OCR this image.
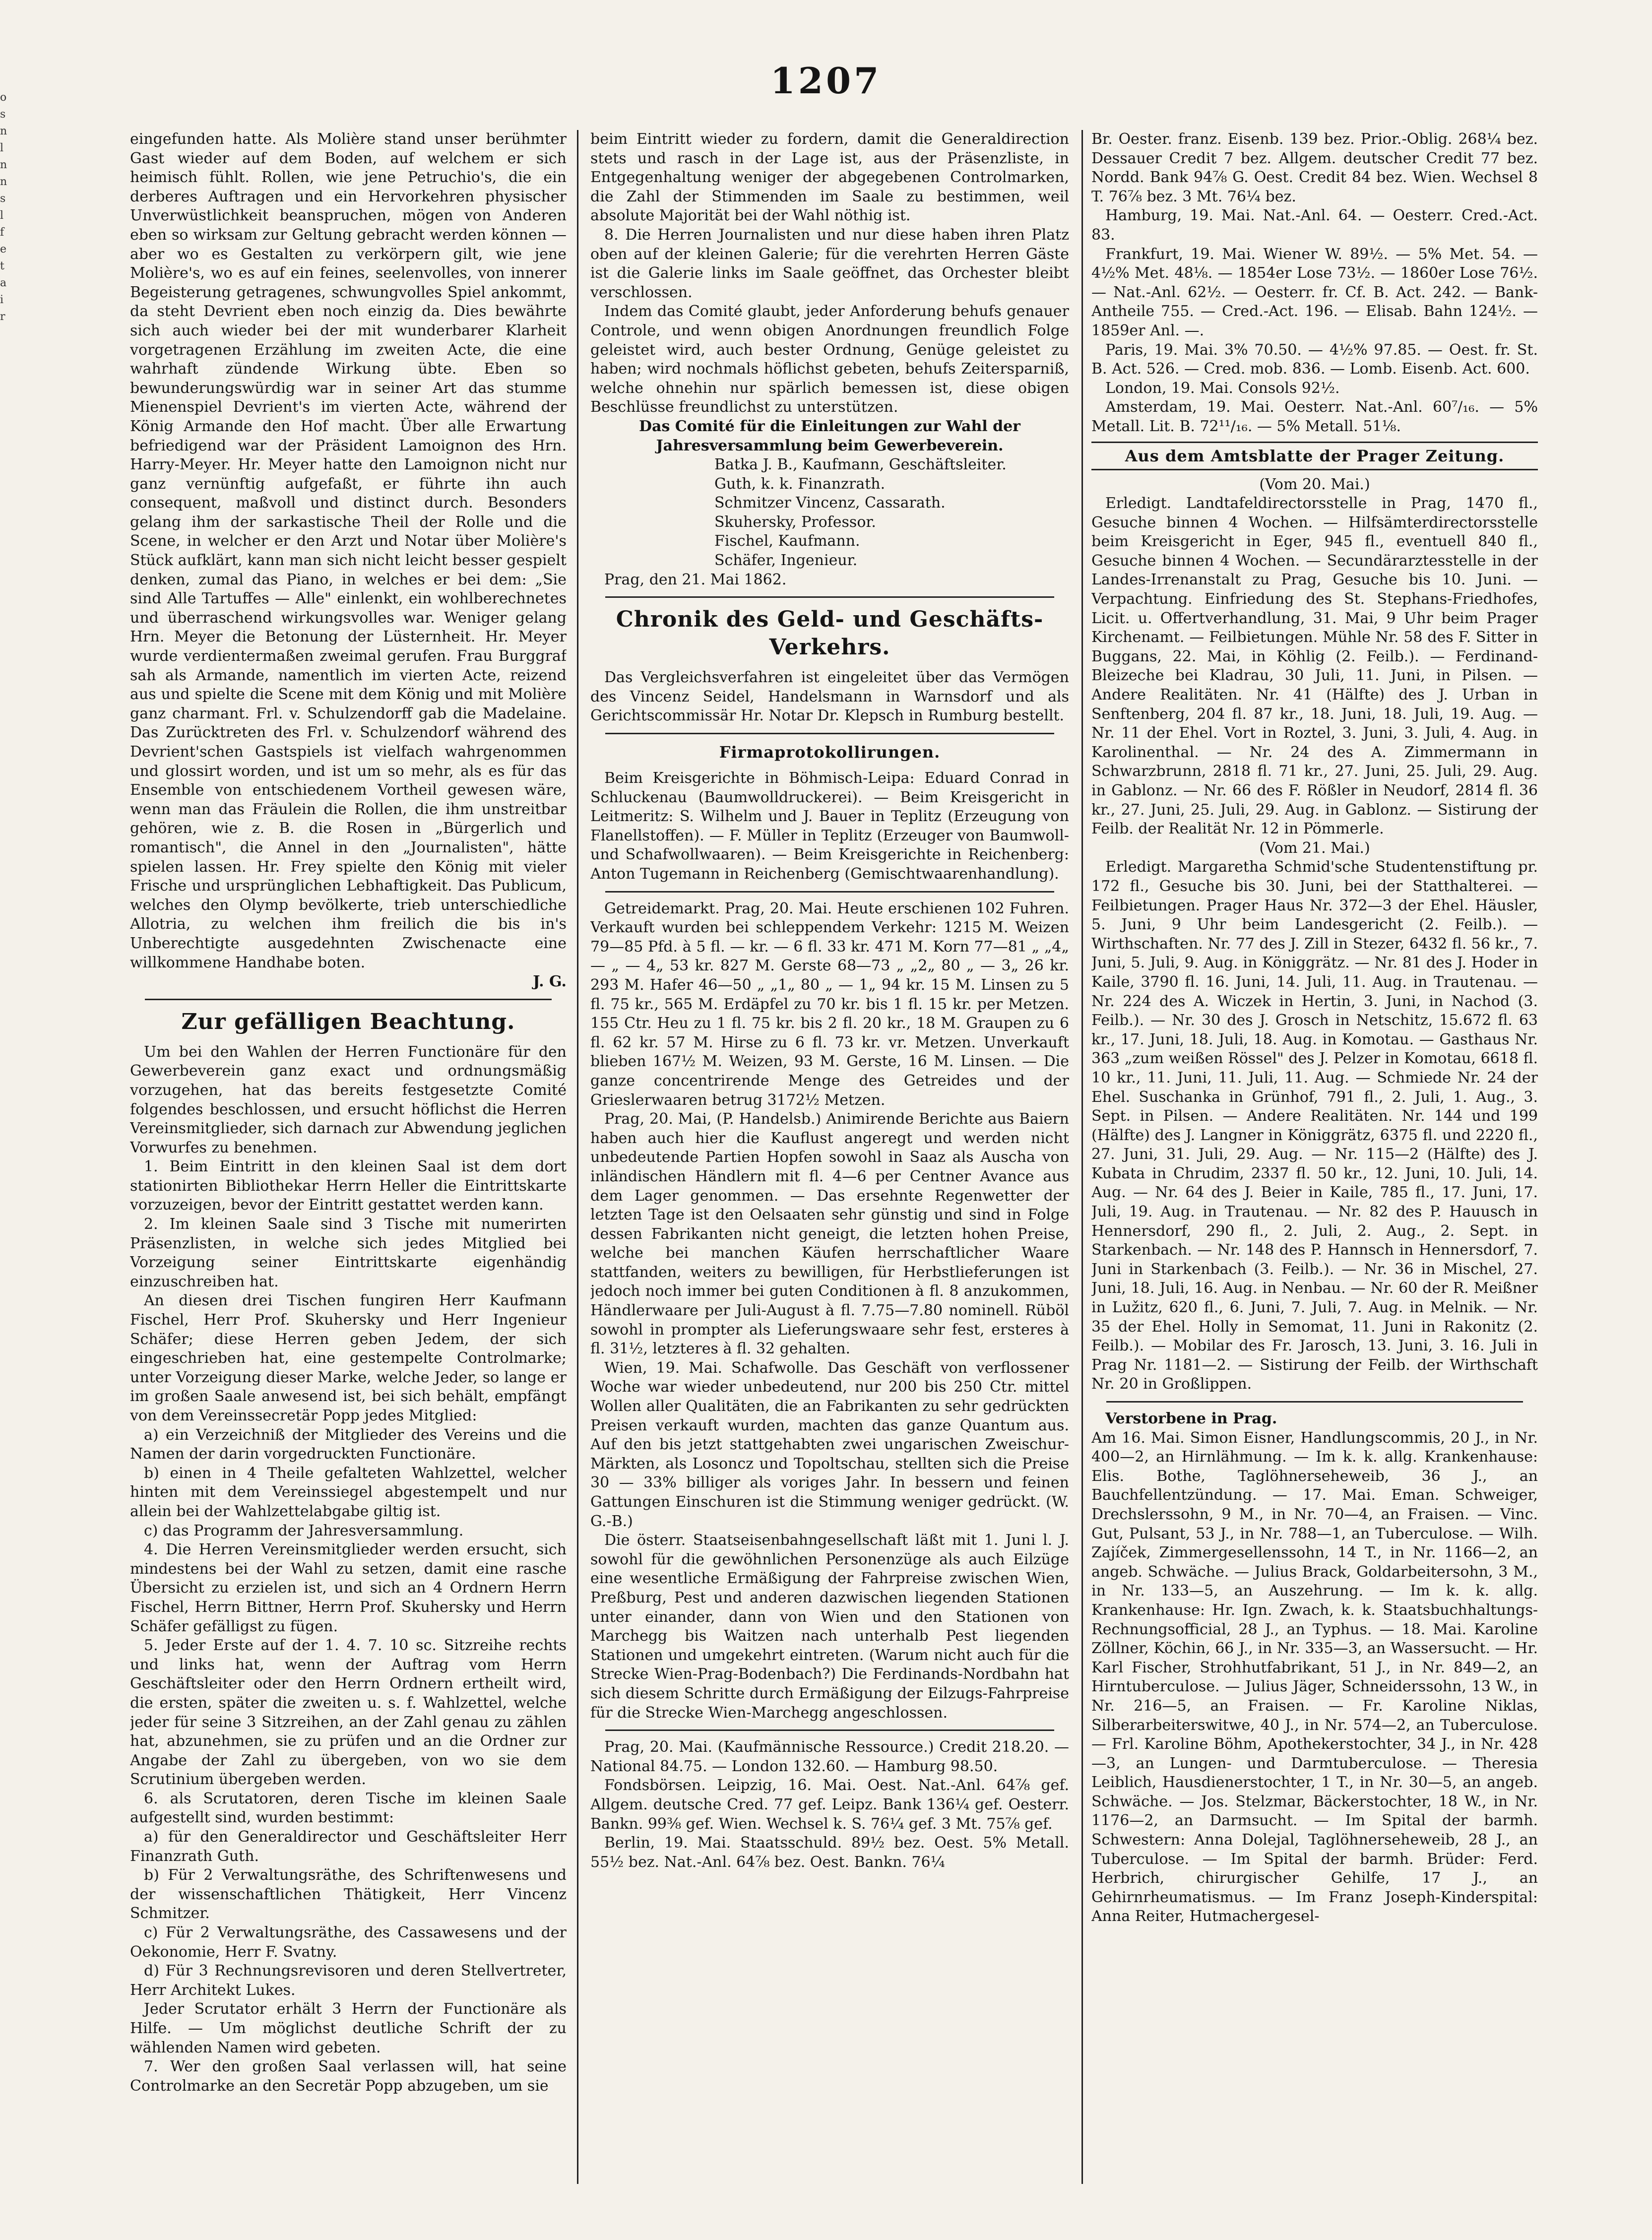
o s n l n n s l f e t a i r
1207

eingefunden hatte. Als Molière stand unser berühmter Gast wieder auf dem Boden, auf welchem er sich heimisch fühlt. Rollen, wie jene Petruchio's, die ein derberes Auftragen und ein Hervorkehren physischer Unverwüstlichkeit beanspruchen, mögen von Anderen eben so wirksam zur Geltung gebracht werden können — aber wo es Gestalten zu verkörpern gilt, wie jene Molière's, wo es auf ein feines, seelenvolles, von innerer Begeisterung getragenes, schwungvolles Spiel ankommt, da steht Devrient eben noch einzig da. Dies bewährte sich auch wieder bei der mit wunderbarer Klarheit vorgetragenen Erzählung im zweiten Acte, die eine wahrhaft zündende Wirkung übte. Eben so bewunderungswürdig war in seiner Art das stumme Mienenspiel Devrient's im vierten Acte, während der König Armande den Hof macht. Über alle Erwartung befriedigend war der Präsident Lamoignon des Hrn. Harry-Meyer. Hr. Meyer hatte den Lamoignon nicht nur ganz vernünftig aufgefaßt, er führte ihn auch consequent, maßvoll und distinct durch. Besonders gelang ihm der sarkastische Theil der Rolle und die Scene, in welcher er den Arzt und Notar über Molière's Stück aufklärt, kann man sich nicht leicht besser gespielt denken, zumal das Piano, in welches er bei dem: „Sie sind Alle Tartuffes — Alle" einlenkt, ein wohlberechnetes und überraschend wirkungsvolles war. Weniger gelang Hrn. Meyer die Betonung der Lüsternheit. Hr. Meyer wurde verdientermaßen zweimal gerufen. Frau Burggraf sah als Armande, namentlich im vierten Acte, reizend aus und spielte die Scene mit dem König und mit Molière ganz charmant. Frl. v. Schulzendorff gab die Madelaine. Das Zurücktreten des Frl. v. Schulzendorf während des Devrient'schen Gastspiels ist vielfach wahrgenommen und glossirt worden, und ist um so mehr, als es für das Ensemble von entschiedenem Vortheil gewesen wäre, wenn man das Fräulein die Rollen, die ihm unstreitbar gehören, wie z. B. die Rosen in „Bürgerlich und romantisch", die Annel in den „Journalisten", hätte spielen lassen. Hr. Frey spielte den König mit vieler Frische und ursprünglichen Lebhaftigkeit. Das Publicum, welches den Olymp bevölkerte, trieb unterschiedliche Allotria, zu welchen ihm freilich die bis in's Unberechtigte ausgedehnten Zwischenacte eine willkommene Handhabe boten.

J. G.

Zur gefälligen Beachtung.

Um bei den Wahlen der Herren Functionäre für den Gewerbeverein ganz exact und ordnungsmäßig vorzugehen, hat das bereits festgesetzte Comité folgendes beschlossen, und ersucht höflichst die Herren Vereinsmitglieder, sich darnach zur Abwendung jeglichen Vorwurfes zu benehmen.

1. Beim Eintritt in den kleinen Saal ist dem dort stationirten Bibliothekar Herrn Heller die Eintrittskarte vorzuzeigen, bevor der Eintritt gestattet werden kann.

2. Im kleinen Saale sind 3 Tische mit numerirten Präsenzlisten, in welche sich jedes Mitglied bei Vorzeigung seiner Eintrittskarte eigenhändig einzuschreiben hat.

An diesen drei Tischen fungiren Herr Kaufmann Fischel, Herr Prof. Skuhersky und Herr Ingenieur Schäfer; diese Herren geben Jedem, der sich eingeschrieben hat, eine gestempelte Controlmarke; unter Vorzeigung dieser Marke, welche Jeder, so lange er im großen Saale anwesend ist, bei sich behält, empfängt von dem Vereinssecretär Popp jedes Mitglied:

a) ein Verzeichniß der Mitglieder des Vereins und die Namen der darin vorgedruckten Functionäre.

b) einen in 4 Theile gefalteten Wahlzettel, welcher hinten mit dem Vereinssiegel abgestempelt und nur allein bei der Wahlzettelabgabe giltig ist.

c) das Programm der Jahresversammlung.

4. Die Herren Vereinsmitglieder werden ersucht, sich mindestens bei der Wahl zu setzen, damit eine rasche Übersicht zu erzielen ist, und sich an 4 Ordnern Herrn Fischel, Herrn Bittner, Herrn Prof. Skuhersky und Herrn Schäfer gefälligst zu fügen.

5. Jeder Erste auf der 1. 4. 7. 10 sc. Sitzreihe rechts und links hat, wenn der Auftrag vom Herrn Geschäftsleiter oder den Herrn Ordnern ertheilt wird, die ersten, später die zweiten u. s. f. Wahlzettel, welche jeder für seine 3 Sitzreihen, an der Zahl genau zu zählen hat, abzunehmen, sie zu prüfen und an die Ordner zur Angabe der Zahl zu übergeben, von wo sie dem Scrutinium übergeben werden.

6. als Scrutatoren, deren Tische im kleinen Saale aufgestellt sind, wurden bestimmt:

a) für den Generaldirector und Geschäftsleiter Herr Finanzrath Guth.

b) Für 2 Verwaltungsräthe, des Schriftenwesens und der wissenschaftlichen Thätigkeit, Herr Vincenz Schmitzer.

c) Für 2 Verwaltungsräthe, des Cassawesens und der Oekonomie, Herr F. Svatny.

d) Für 3 Rechnungsrevisoren und deren Stellvertreter, Herr Architekt Lukes.

Jeder Scrutator erhält 3 Herrn der Functionäre als Hilfe. — Um möglichst deutliche Schrift der zu wählenden Namen wird gebeten.

7. Wer den großen Saal verlassen will, hat seine Controlmarke an den Secretär Popp abzugeben, um sie

beim Eintritt wieder zu fordern, damit die Generaldirection stets und rasch in der Lage ist, aus der Präsenzliste, in Entgegenhaltung weniger der abgegebenen Controlmarken, die Zahl der Stimmenden im Saale zu bestimmen, weil absolute Majorität bei der Wahl nöthig ist.

8. Die Herren Journalisten und nur diese haben ihren Platz oben auf der kleinen Galerie; für die verehrten Herren Gäste ist die Galerie links im Saale geöffnet, das Orchester bleibt verschlossen.

Indem das Comité glaubt, jeder Anforderung behufs genauer Controle, und wenn obigen Anordnungen freundlich Folge geleistet wird, auch bester Ordnung, Genüge geleistet zu haben; wird nochmals höflichst gebeten, behufs Zeitersparniß, welche ohnehin nur spärlich bemessen ist, diese obigen Beschlüsse freundlichst zu unterstützen.

Das Comité für die Einleitungen zur Wahl der Jahresversammlung beim Gewerbeverein.

Batka J. B., Kaufmann, Geschäftsleiter.

Guth, k. k. Finanzrath.

Schmitzer Vincenz, Cassarath.

Skuhersky, Professor.

Fischel, Kaufmann.

Schäfer, Ingenieur.

Prag, den 21. Mai 1862.

Chronik des Geld- und Geschäfts-Verkehrs.

Das Vergleichsverfahren ist eingeleitet über das Vermögen des Vincenz Seidel, Handelsmann in Warnsdorf und als Gerichtscommissär Hr. Notar Dr. Klepsch in Rumburg bestellt.

Firmaprotokollirungen.

Beim Kreisgerichte in Böhmisch-Leipa: Eduard Conrad in Schluckenau (Baumwolldruckerei). — Beim Kreisgericht in Leitmeritz: S. Wilhelm und J. Bauer in Teplitz (Erzeugung von Flanellstoffen). — F. Müller in Teplitz (Erzeuger von Baumwoll- und Schafwollwaaren). — Beim Kreisgerichte in Reichenberg: Anton Tugemann in Reichenberg (Gemischtwaarenhandlung).

Getreidemarkt. Prag, 20. Mai. Heute erschienen 102 Fuhren. Verkauft wurden bei schleppendem Verkehr: 1215 M. Weizen 79—85 Pfd. à 5 fl. — kr. — 6 fl. 33 kr. 471 M. Korn 77—81 „ „4„ — „ — 4„ 53 kr. 827 M. Gerste 68—73 „ „2„ 80 „ — 3„ 26 kr. 293 M. Hafer 46—50 „ „1„ 80 „ — 1„ 94 kr. 15 M. Linsen zu 5 fl. 75 kr., 565 M. Erdäpfel zu 70 kr. bis 1 fl. 15 kr. per Metzen. 155 Ctr. Heu zu 1 fl. 75 kr. bis 2 fl. 20 kr., 18 M. Graupen zu 6 fl. 62 kr. 57 M. Hirse zu 6 fl. 73 kr. vr. Metzen. Unverkauft blieben 167½ M. Weizen, 93 M. Gerste, 16 M. Linsen. — Die ganze concentrirende Menge des Getreides und der Grieslerwaaren betrug 3172½ Metzen.

Prag, 20. Mai, (P. Handelsb.) Animirende Berichte aus Baiern haben auch hier die Kauflust angeregt und werden nicht unbedeutende Partien Hopfen sowohl in Saaz als Auscha von inländischen Händlern mit fl. 4—6 per Centner Avance aus dem Lager genommen. — Das ersehnte Regenwetter der letzten Tage ist den Oelsaaten sehr günstig und sind in Folge dessen Fabrikanten nicht geneigt, die letzten hohen Preise, welche bei manchen Käufen herrschaftlicher Waare stattfanden, weiters zu bewilligen, für Herbstlieferungen ist jedoch noch immer bei guten Conditionen à fl. 8 anzukommen, Händlerwaare per Juli-August à fl. 7.75—7.80 nominell. Rüböl sowohl in prompter als Lieferungswaare sehr fest, ersteres à fl. 31½, letzteres à fl. 32 gehalten.

Wien, 19. Mai. Schafwolle. Das Geschäft von verflossener Woche war wieder unbedeutend, nur 200 bis 250 Ctr. mittel Wollen aller Qualitäten, die an Fabrikanten zu sehr gedrückten Preisen verkauft wurden, machten das ganze Quantum aus. Auf den bis jetzt stattgehabten zwei ungarischen Zweischur-Märkten, als Losoncz und Topoltschau, stellten sich die Preise 30 — 33% billiger als voriges Jahr. In bessern und feinen Gattungen Einschuren ist die Stimmung weniger gedrückt. (W. G.-B.)

Die österr. Staatseisenbahngesellschaft läßt mit 1. Juni l. J. sowohl für die gewöhnlichen Personenzüge als auch Eilzüge eine wesentliche Ermäßigung der Fahrpreise zwischen Wien, Preßburg, Pest und anderen dazwischen liegenden Stationen unter einander, dann von Wien und den Stationen von Marchegg bis Waitzen nach unterhalb Pest liegenden Stationen und umgekehrt eintreten. (Warum nicht auch für die Strecke Wien-Prag-Bodenbach?) Die Ferdinands-Nordbahn hat sich diesem Schritte durch Ermäßigung der Eilzugs-Fahrpreise für die Strecke Wien-Marchegg angeschlossen.

Prag, 20. Mai. (Kaufmännische Ressource.) Credit 218.20. — National 84.75. — London 132.60. — Hamburg 98.50.

Fondsbörsen. Leipzig, 16. Mai. Oest. Nat.-Anl. 64⅞ gef. Allgem. deutsche Cred. 77 gef. Leipz. Bank 136¼ gef. Oesterr. Bankn. 99⅜ gef. Wien. Wechsel k. S. 76¼ gef. 3 Mt. 75⅞ gef.

Berlin, 19. Mai. Staatsschuld. 89½ bez. Oest. 5% Metall. 55½ bez. Nat.-Anl. 64⅞ bez. Oest. Bankn. 76¼

Br. Oester. franz. Eisenb. 139 bez. Prior.-Oblig. 268¼ bez. Dessauer Credit 7 bez. Allgem. deutscher Credit 77 bez. Nordd. Bank 94⅞ G. Oest. Credit 84 bez. Wien. Wechsel 8 T. 76⅞ bez. 3 Mt. 76¼ bez.

Hamburg, 19. Mai. Nat.-Anl. 64. — Oesterr. Cred.-Act. 83.

Frankfurt, 19. Mai. Wiener W. 89½. — 5% Met. 54. — 4½% Met. 48⅛. — 1854er Lose 73½. — 1860er Lose 76½. — Nat.-Anl. 62½. — Oesterr. fr. Cf. B. Act. 242. — Bank-Antheile 755. — Cred.-Act. 196. — Elisab. Bahn 124½. — 1859er Anl. —.

Paris, 19. Mai. 3% 70.50. — 4½% 97.85. — Oest. fr. St. B. Act. 526. — Cred. mob. 836. — Lomb. Eisenb. Act. 600.

London, 19. Mai. Consols 92½.

Amsterdam, 19. Mai. Oesterr. Nat.-Anl. 60⁷/₁₆. — 5% Metall. Lit. B. 72¹¹/₁₆. — 5% Metall. 51⅛.

Aus dem Amtsblatte der Prager Zeitung.

(Vom 20. Mai.)

Erledigt. Landtafeldirectorsstelle in Prag, 1470 fl., Gesuche binnen 4 Wochen. — Hilfsämterdirectorsstelle beim Kreisgericht in Eger, 945 fl., eventuell 840 fl., Gesuche binnen 4 Wochen. — Secundärarztesstelle in der Landes-Irrenanstalt zu Prag, Gesuche bis 10. Juni. — Verpachtung. Einfriedung des St. Stephans-Friedhofes, Licit. u. Offertverhandlung, 31. Mai, 9 Uhr beim Prager Kirchenamt. — Feilbietungen. Mühle Nr. 58 des F. Sitter in Buggans, 22. Mai, in Köhlig (2. Feilb.). — Ferdinand-Bleizeche bei Kladrau, 30 Juli, 11. Juni, in Pilsen. — Andere Realitäten. Nr. 41 (Hälfte) des J. Urban in Senftenberg, 204 fl. 87 kr., 18. Juni, 18. Juli, 19. Aug. — Nr. 11 der Ehel. Vort in Roztel, 3. Juni, 3. Juli, 4. Aug. in Karolinenthal. — Nr. 24 des A. Zimmermann in Schwarzbrunn, 2818 fl. 71 kr., 27. Juni, 25. Juli, 29. Aug. in Gablonz. — Nr. 66 des F. Rößler in Neudorf, 2814 fl. 36 kr., 27. Juni, 25. Juli, 29. Aug. in Gablonz. — Sistirung der Feilb. der Realität Nr. 12 in Pömmerle.

(Vom 21. Mai.)

Erledigt. Margaretha Schmid'sche Studentenstiftung pr. 172 fl., Gesuche bis 30. Juni, bei der Statthalterei. — Feilbietungen. Prager Haus Nr. 372—3 der Ehel. Häusler, 5. Juni, 9 Uhr beim Landesgericht (2. Feilb.). — Wirthschaften. Nr. 77 des J. Zill in Stezer, 6432 fl. 56 kr., 7. Juni, 5. Juli, 9. Aug. in Königgrätz. — Nr. 81 des J. Hoder in Kaile, 3790 fl. 16. Juni, 14. Juli, 11. Aug. in Trautenau. — Nr. 224 des A. Wiczek in Hertin, 3. Juni, in Nachod (3. Feilb.). — Nr. 30 des J. Grosch in Netschitz, 15.672 fl. 63 kr., 17. Juni, 18. Juli, 18. Aug. in Komotau. — Gasthaus Nr. 363 „zum weißen Rössel" des J. Pelzer in Komotau, 6618 fl. 10 kr., 11. Juni, 11. Juli, 11. Aug. — Schmiede Nr. 24 der Ehel. Suschanka in Grünhof, 791 fl., 2. Juli, 1. Aug., 3. Sept. in Pilsen. — Andere Realitäten. Nr. 144 und 199 (Hälfte) des J. Langner in Königgrätz, 6375 fl. und 2220 fl., 27. Juni, 31. Juli, 29. Aug. — Nr. 115—2 (Hälfte) des J. Kubata in Chrudim, 2337 fl. 50 kr., 12. Juni, 10. Juli, 14. Aug. — Nr. 64 des J. Beier in Kaile, 785 fl., 17. Juni, 17. Juli, 19. Aug. in Trautenau. — Nr. 82 des P. Hauusch in Hennersdorf, 290 fl., 2. Juli, 2. Aug., 2. Sept. in Starkenbach. — Nr. 148 des P. Hannsch in Hennersdorf, 7. Juni in Starkenbach (3. Feilb.). — Nr. 36 in Mischel, 27. Juni, 18. Juli, 16. Aug. in Nenbau. — Nr. 60 der R. Meißner in Lužitz, 620 fl., 6. Juni, 7. Juli, 7. Aug. in Melnik. — Nr. 35 der Ehel. Holly in Semomat, 11. Juni in Rakonitz (2. Feilb.). — Mobilar des Fr. Jarosch, 13. Juni, 3. 16. Juli in Prag Nr. 1181—2. — Sistirung der Feilb. der Wirthschaft Nr. 20 in Großlippen.

Verstorbene in Prag.

Am 16. Mai. Simon Eisner, Handlungscommis, 20 J., in Nr. 400—2, an Hirnlähmung. — Im k. k. allg. Krankenhause: Elis. Bothe, Taglöhnerseheweib, 36 J., an Bauchfellentzündung. — 17. Mai. Eman. Schweiger, Drechslerssohn, 9 M., in Nr. 70—4, an Fraisen. — Vinc. Gut, Pulsant, 53 J., in Nr. 788—1, an Tuberculose. — Wilh. Zajíček, Zimmergesellenssohn, 14 T., in Nr. 1166—2, an angeb. Schwäche. — Julius Brack, Goldarbeitersohn, 3 M., in Nr. 133—5, an Auszehrung. — Im k. k. allg. Krankenhause: Hr. Ign. Zwach, k. k. Staatsbuchhaltungs-Rechnungsofficial, 28 J., an Typhus. — 18. Mai. Karoline Zöllner, Köchin, 66 J., in Nr. 335—3, an Wassersucht. — Hr. Karl Fischer, Strohhutfabrikant, 51 J., in Nr. 849—2, an Hirntuberculose. — Julius Jäger, Schneiderssohn, 13 W., in Nr. 216—5, an Fraisen. — Fr. Karoline Niklas, Silberarbeiterswitwe, 40 J., in Nr. 574—2, an Tuberculose. — Frl. Karoline Böhm, Apothekerstochter, 34 J., in Nr. 428—3, an Lungen- und Darmtuberculose. — Theresia Leiblich, Hausdienerstochter, 1 T., in Nr. 30—5, an angeb. Schwäche. — Jos. Stelzmar, Bäckerstochter, 18 W., in Nr. 1176—2, an Darmsucht. — Im Spital der barmh. Schwestern: Anna Dolejal, Taglöhnerseheweib, 28 J., an Tuberculose. — Im Spital der barmh. Brüder: Ferd. Herbrich, chirurgischer Gehilfe, 17 J., an Gehirnrheumatismus. — Im Franz Joseph-Kinderspital: Anna Reiter, Hutmachergesel-
